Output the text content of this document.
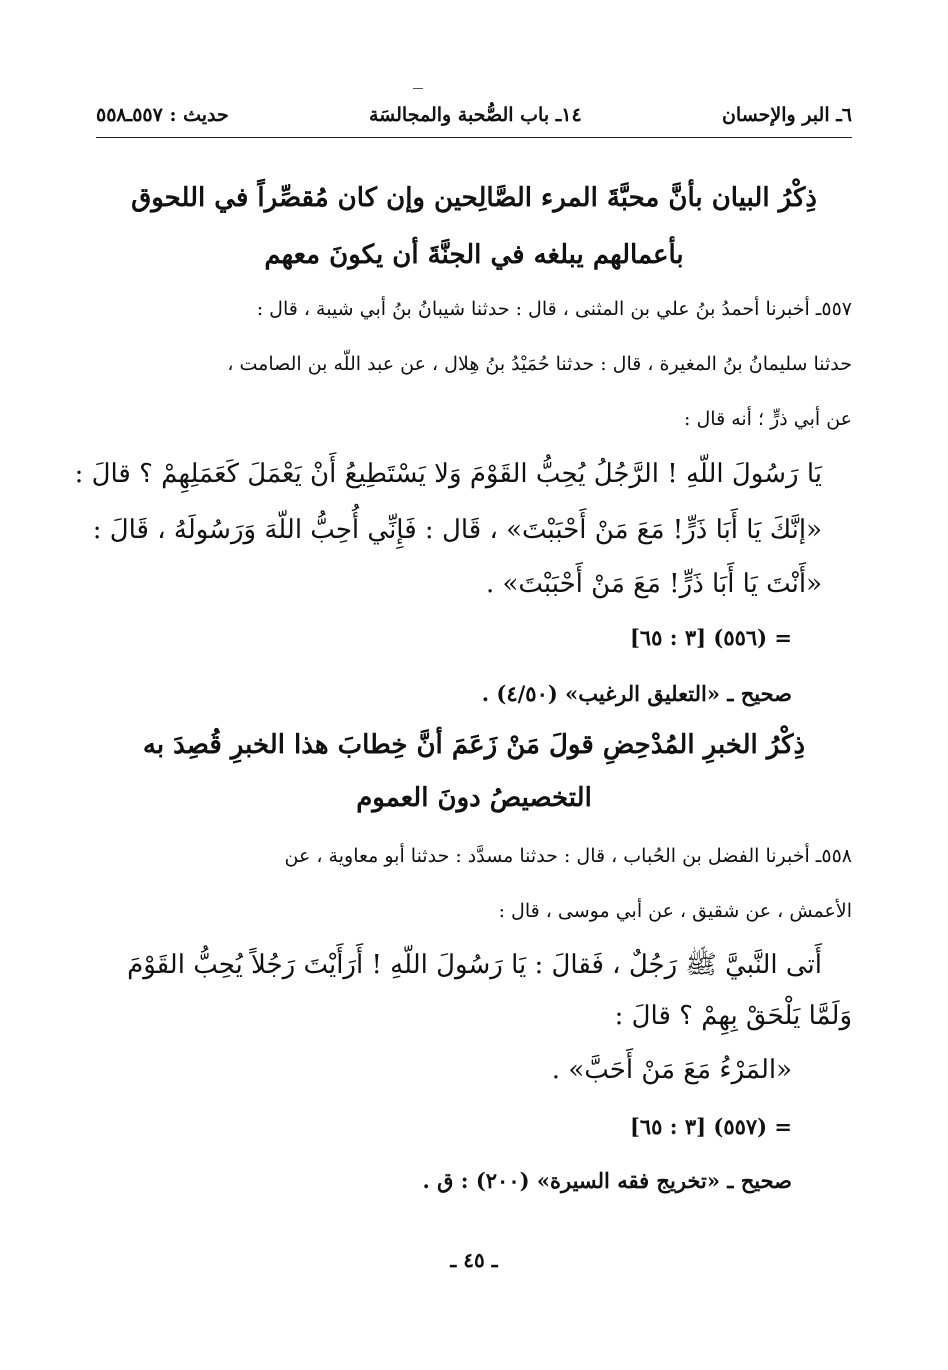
٦ـ البر والإحسان
١٤ـ باب الصُّحبة والمجالسَة
حديث : ٥٥٧ـ٥٥٨
ذِكْرُ البيان بأنَّ محبَّةَ المرء الصَّالِحين وإن كان مُقصِّراً في اللحوق
بأعمالهم يبلغه في الجنَّةَ أن يكونَ معهم
٥٥٧ـ أخبرنا أحمدُ بنُ علي بن المثنى ، قال : حدثنا شيبانُ بنُ أبي شيبة ، قال :
حدثنا سليمانُ بنُ المغيرة ، قال : حدثنا حُمَيْدُ بنُ هِلال ، عن عبد اللّه بن الصامت ،
عن أبي ذرٍّ ؛ أنه قال :
يَا رَسُولَ اللّهِ ! الرَّجُلُ يُحِبُّ القَوْمَ وَلا يَسْتَطِيعُ أَنْ يَعْمَلَ كَعَمَلِهِمْ ؟ قالَ :
«إنَّكَ يَا أَبَا ذَرٍّ! مَعَ مَنْ أَحْبَبْتَ» ، قَال : فَإِنِّي أُحِبُّ اللّهَ وَرَسُولَهُ ، قَالَ :
«أَنْتَ يَا أَبَا ذَرٍّ! مَعَ مَنْ أَحْبَبْتَ» .
= (٥٥٦) [٣ : ٦٥]
صحيح ـ «التعليق الرغيب» (٤/٥٠) .
ذِكْرُ الخبرِ المُدْحِضِ قولَ مَنْ زَعَمَ أنَّ خِطابَ هذا الخبرِ قُصِدَ به
التخصيصُ دونَ العموم
٥٥٨ـ أخبرنا الفضل بن الحُباب ، قال : حدثنا مسدَّد : حدثنا أبو معاوية ، عن
الأعمش ، عن شقيق ، عن أبي موسى ، قال :
أَتى النَّبيَّ ﷺ رَجُلٌ ، فَقالَ : يَا رَسُولَ اللّهِ ! أَرَأَيْتَ رَجُلاً يُحِبُّ القَوْمَ
وَلَمَّا يَلْحَقْ بِهِمْ ؟ قالَ :
«المَرْءُ مَعَ مَنْ أَحَبَّ» .
= (٥٥٧) [٣ : ٦٥]
صحيح ـ «تخريج فقه السيرة» (٢٠٠) : ق .
ـ ٤٥ ـ
